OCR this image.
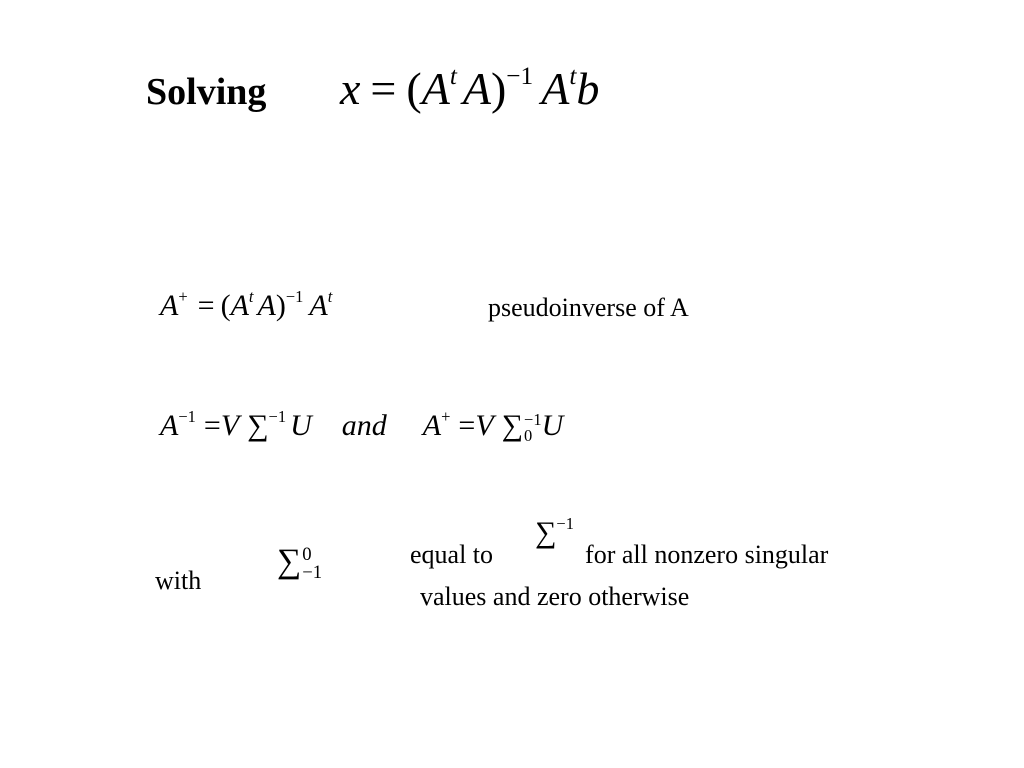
Solving $x = (A^t$ A)$^{-1}$ $A^tb$
$A^+ = (A^t$ A)$^{-1}$ $A^t$	pseudoinverse of A
$A^{-1} =V$ ∑$^{-1}$ U and A+ =V ∑ −1
0 U
with
∑ 0
−1
equal to	for all nonzero singular
∑$^{-1}$
values and zero otherwise
